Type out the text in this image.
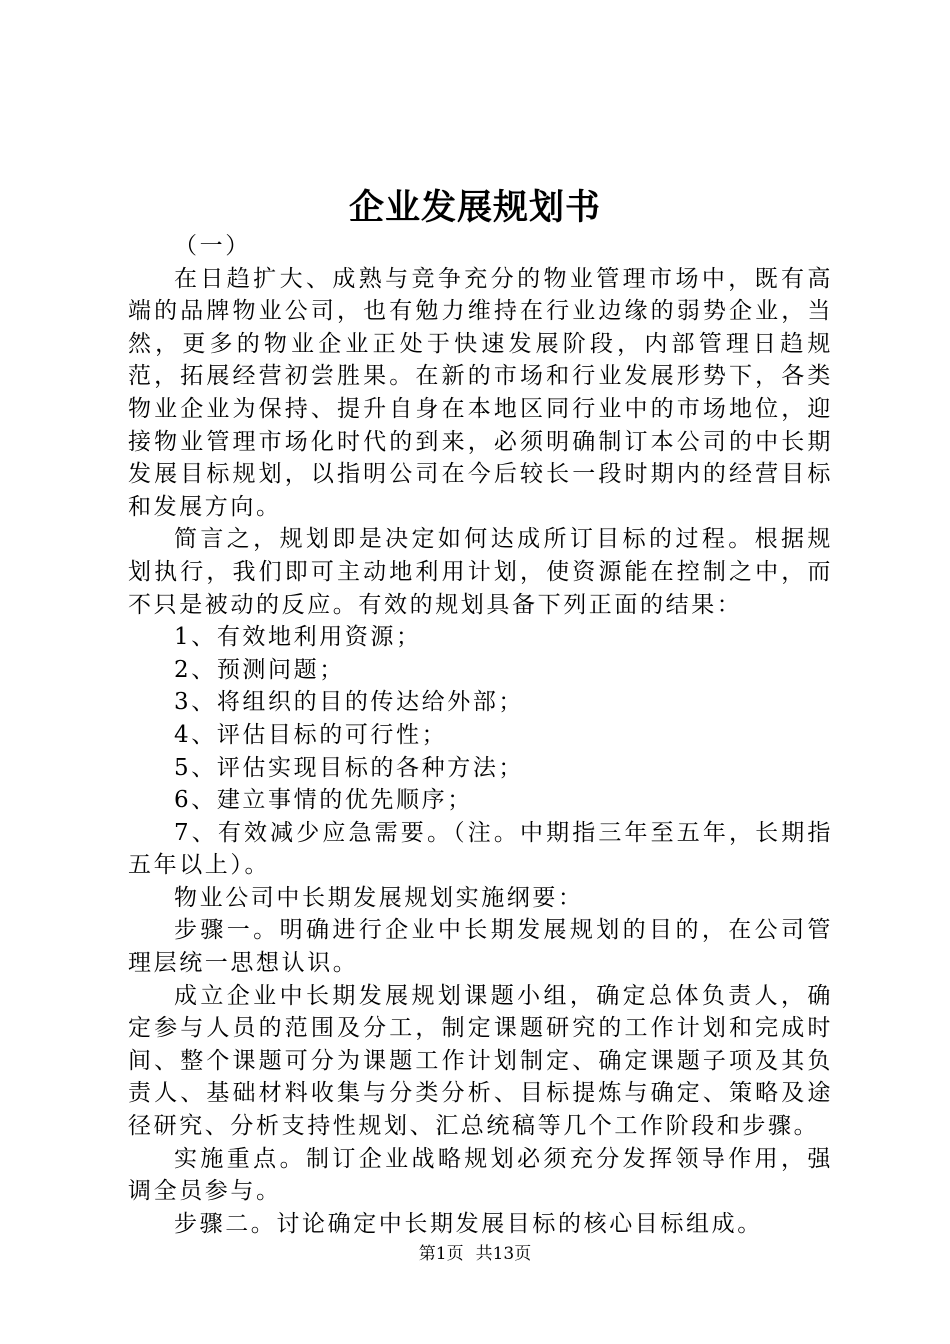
企业发展规划书

（一）

在日趋扩大、成熟与竞争充分的物业管理市场中，既有高端的品牌物业公司，也有勉力维持在行业边缘的弱势企业，当然，更多的物业企业正处于快速发展阶段，内部管理日趋规范，拓展经营初尝胜果。在新的市场和行业发展形势下，各类物业企业为保持、提升自身在本地区同行业中的市场地位，迎接物业管理市场化时代的到来，必须明确制订本公司的中长期发展目标规划，以指明公司在今后较长一段时期内的经营目标和发展方向。

简言之，规划即是决定如何达成所订目标的过程。根据规划执行，我们即可主动地利用计划，使资源能在控制之中，而不只是被动的反应。有效的规划具备下列正面的结果：

1、有效地利用资源；

2、预测问题；

3、将组织的目的传达给外部；

4、评估目标的可行性；

5、评估实现目标的各种方法；

6、建立事情的优先顺序；

7、有效减少应急需要。（注。中期指三年至五年，长期指五年以上）。

物业公司中长期发展规划实施纲要：

步骤一。明确进行企业中长期发展规划的目的，在公司管理层统一思想认识。

成立企业中长期发展规划课题小组，确定总体负责人，确定参与人员的范围及分工，制定课题研究的工作计划和完成时间、整个课题可分为课题工作计划制定、确定课题子项及其负责人、基础材料收集与分类分析、目标提炼与确定、策略及途径研究、分析支持性规划、汇总统稿等几个工作阶段和步骤。

实施重点。制订企业战略规划必须充分发挥领导作用，强调全员参与。

步骤二。讨论确定中长期发展目标的核心目标组成。

第1页 共13页
